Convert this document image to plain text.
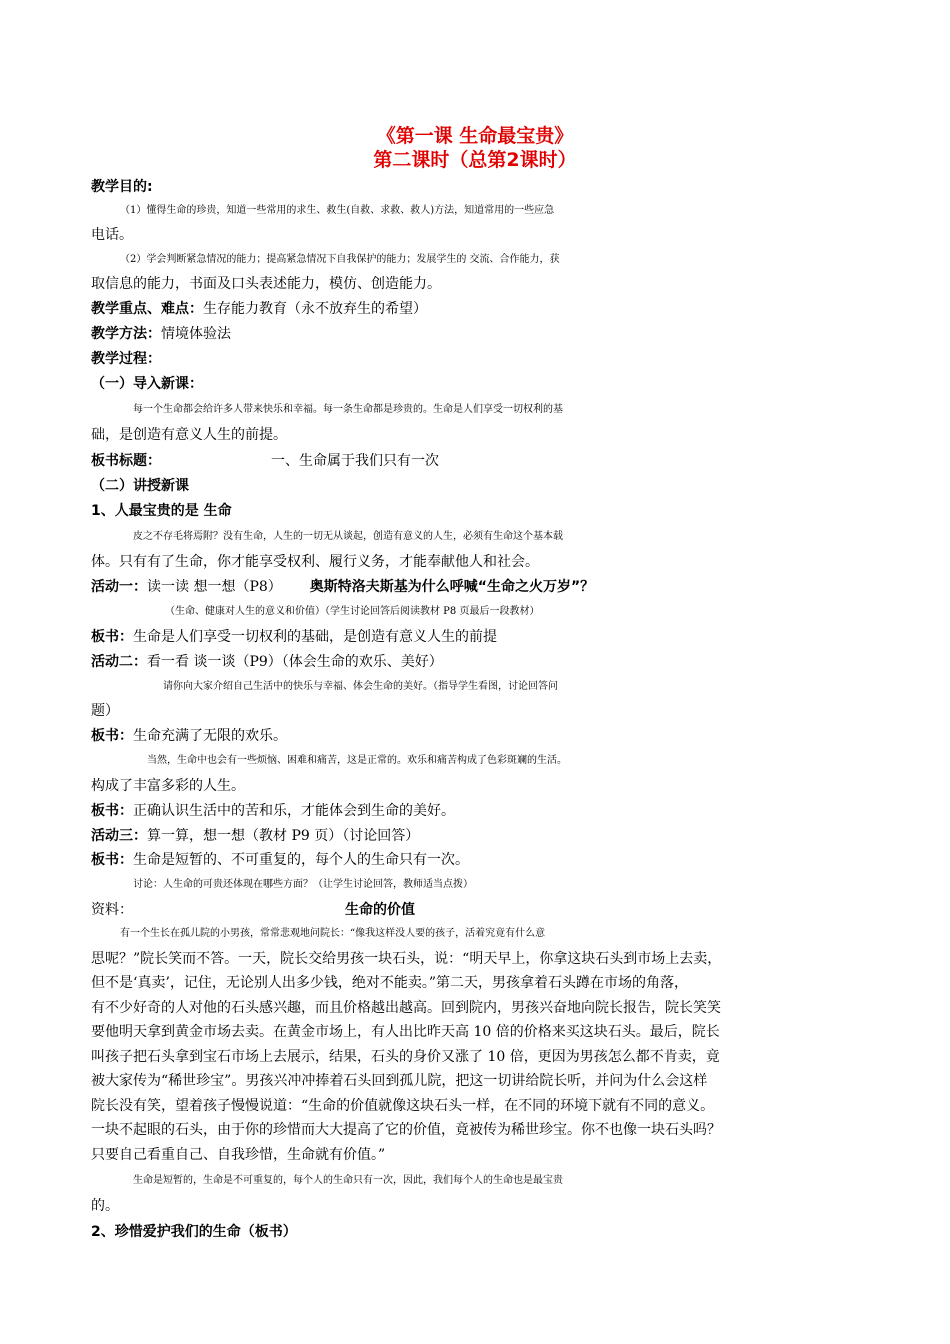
《第一课 生命最宝贵》
第二课时（总第2课时）
教学目的:
（1）懂得生命的珍贵，知道一些常用的求生、救生(自救、求救、救人)方法，知道常用的一些应急
电话。
（2）学会判断紧急情况的能力；提高紧急情况下自我保护的能力；发展学生的 交流、合作能力，获
取信息的能力，书面及口头表述能力，模仿、创造能力。
教学重点、难点：生存能力教育（永不放弃生的希望）
教学方法：情境体验法
教学过程：
（一）导入新课：
每一个生命都会给许多人带来快乐和幸福。每一条生命都是珍贵的。生命是人们享受一切权利的基
础，是创造有意义人生的前提。
板书标题：	一、生命属于我们只有一次
（二）讲授新课
1、人最宝贵的是 生命
皮之不存毛将焉附？没有生命，人生的一切无从谈起，创造有意义的人生，必须有生命这个基本载
体。只有有了生命，你才能享受权利、履行义务，才能奉献他人和社会。
活动一：读一读 想一想（P8） 奥斯特洛夫斯基为什么呼喊“生命之火万岁”？
（生命、健康对人生的意义和价值）（学生讨论回答后阅读教材 P8 页最后一段教材）
板书：生命是人们享受一切权利的基础，是创造有意义人生的前提
活动二：看一看 谈一谈（P9）（体会生命的欢乐、美好）
请你向大家介绍自己生活中的快乐与幸福、体会生命的美好。（指导学生看图，讨论回答问
题）
板书：生命充满了无限的欢乐。
当然，生命中也会有一些烦恼、困难和痛苦，这是正常的。欢乐和痛苦构成了色彩斑斓的生活。
构成了丰富多彩的人生。
板书：正确认识生活中的苦和乐，才能体会到生命的美好。
活动三：算一算，想一想（教材 P9 页）（讨论回答）
板书：生命是短暂的、不可重复的，每个人的生命只有一次。
讨论：人生命的可贵还体现在哪些方面？（让学生讨论回答，教师适当点拨）
资料：	生命的价值
有一个生长在孤儿院的小男孩，常常悲观地问院长：“像我这样没人要的孩子，活着究竟有什么意
思呢？”院长笑而不答。一天，院长交给男孩一块石头，说：“明天早上，你拿这块石头到市场上去卖，
但不是‘真卖’，记住，无论别人出多少钱，绝对不能卖。”第二天，男孩拿着石头蹲在市场的角落，
有不少好奇的人对他的石头感兴趣，而且价格越出越高。回到院内，男孩兴奋地向院长报告，院长笑笑
要他明天拿到黄金市场去卖。在黄金市场上，有人出比昨天高 10 倍的价格来买这块石头。最后，院长
叫孩子把石头拿到宝石市场上去展示，结果，石头的身价又涨了 10 倍，更因为男孩怎么都不肯卖，竟
被大家传为“稀世珍宝”。男孩兴冲冲捧着石头回到孤儿院，把这一切讲给院长听，并问为什么会这样
院长没有笑，望着孩子慢慢说道：“生命的价值就像这块石头一样，在不同的环境下就有不同的意义。
一块不起眼的石头，由于你的珍惜而大大提高了它的价值，竟被传为稀世珍宝。你不也像一块石头吗？
只要自己看重自己、自我珍惜，生命就有价值。”
生命是短暂的，生命是不可重复的，每个人的生命只有一次，因此，我们每个人的生命也是最宝贵
的。
2、珍惜爱护我们的生命（板书）
